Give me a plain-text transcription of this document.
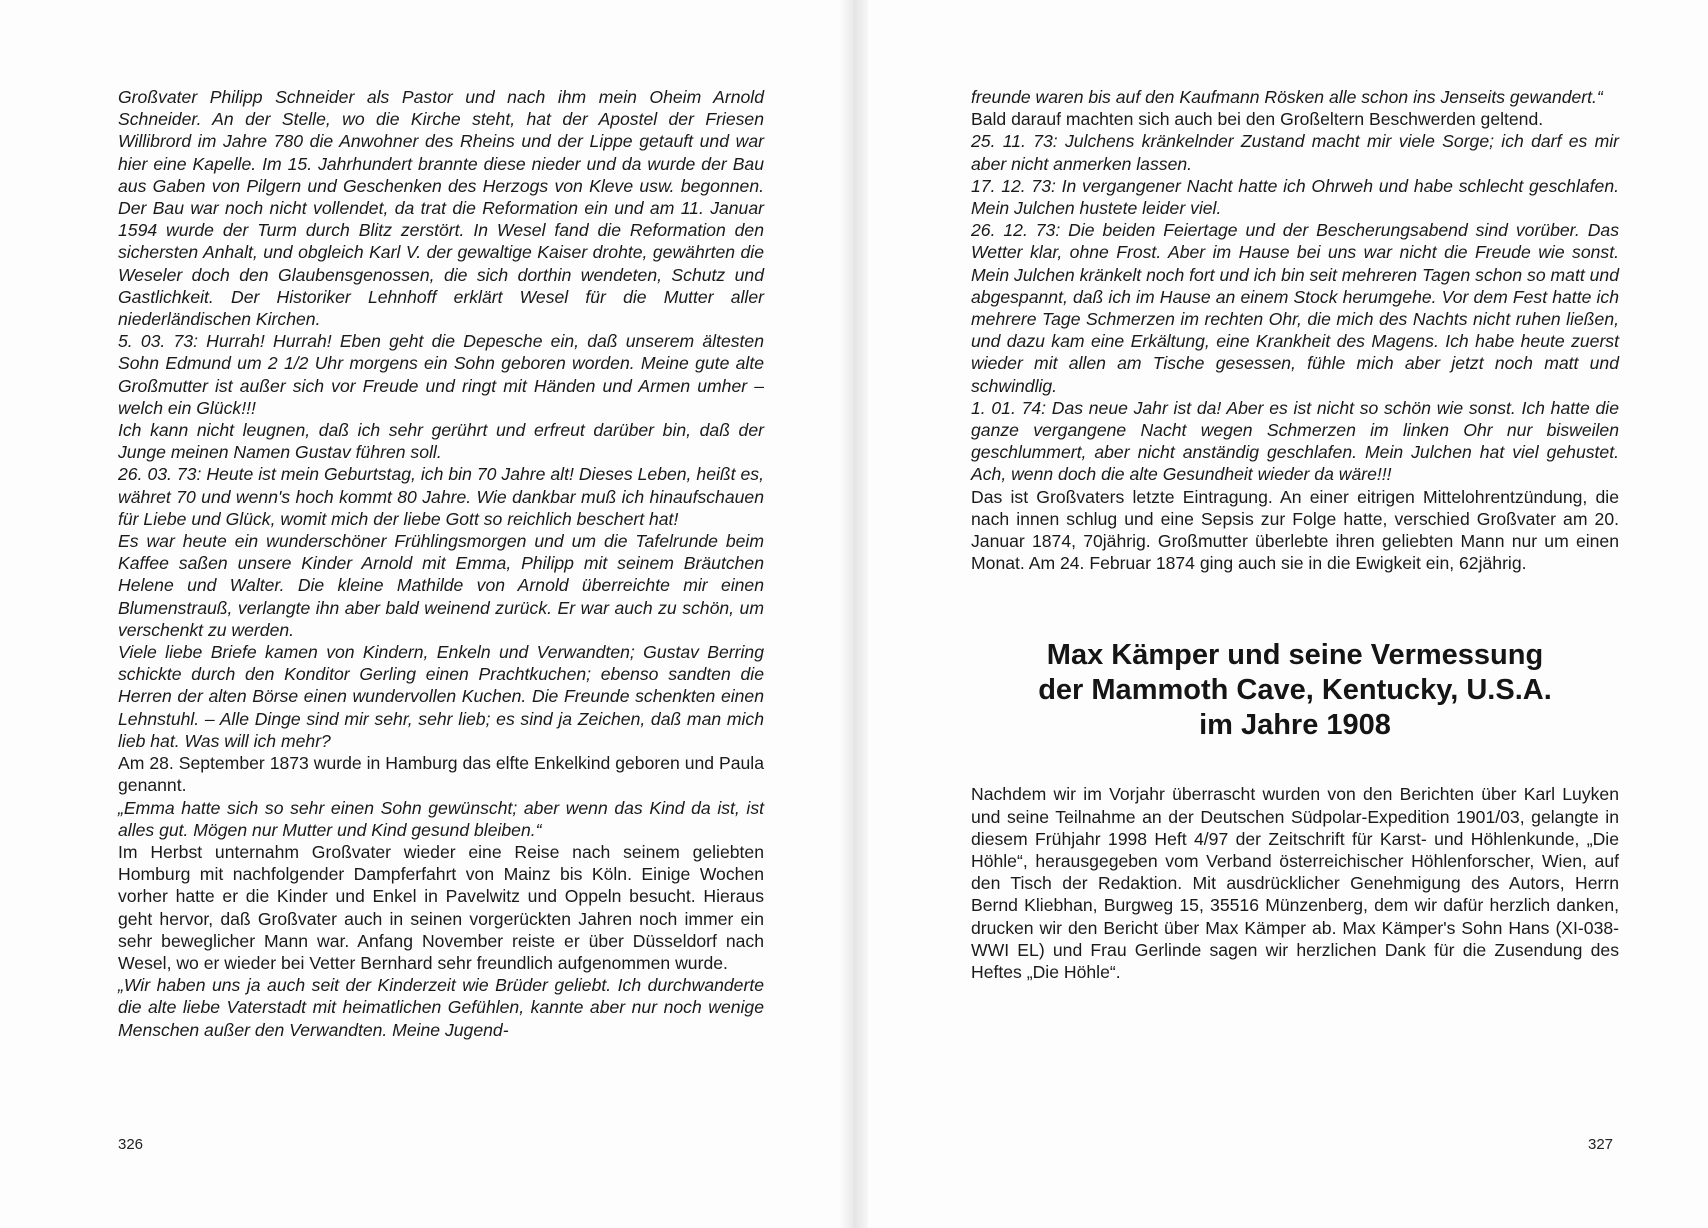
Großvater Philipp Schneider als Pastor und nach ihm mein Oheim Arnold Schneider. An der Stelle, wo die Kirche steht, hat der Apostel der Friesen Willibrord im Jahre 780 die Anwohner des Rheins und der Lippe getauft und war hier eine Kapelle. Im 15. Jahrhundert brannte diese nieder und da wurde der Bau aus Gaben von Pilgern und Geschenken des Herzogs von Kleve usw. begonnen. Der Bau war noch nicht vollendet, da trat die Reformation ein und am 11. Januar 1594 wurde der Turm durch Blitz zerstört. In Wesel fand die Reformation den sichersten Anhalt, und obgleich Karl V. der gewaltige Kaiser drohte, gewährten die Weseler doch den Glaubensgenossen, die sich dorthin wendeten, Schutz und Gastlichkeit. Der Historiker Lehnhoff erklärt Wesel für die Mutter aller niederländischen Kirchen.

5. 03. 73: Hurrah! Hurrah! Eben geht die Depesche ein, daß unserem ältesten Sohn Edmund um 2 1/2 Uhr morgens ein Sohn geboren worden. Meine gute alte Großmutter ist außer sich vor Freude und ringt mit Händen und Armen umher – welch ein Glück!!!

Ich kann nicht leugnen, daß ich sehr gerührt und erfreut darüber bin, daß der Junge meinen Namen Gustav führen soll.

26. 03. 73: Heute ist mein Geburtstag, ich bin 70 Jahre alt! Dieses Leben, heißt es, währet 70 und wenn's hoch kommt 80 Jahre. Wie dankbar muß ich hinaufschauen für Liebe und Glück, womit mich der liebe Gott so reichlich beschert hat!

Es war heute ein wunderschöner Frühlingsmorgen und um die Tafelrunde beim Kaffee saßen unsere Kinder Arnold mit Emma, Philipp mit seinem Bräutchen Helene und Walter. Die kleine Mathilde von Arnold überreichte mir einen Blumenstrauß, verlangte ihn aber bald weinend zurück. Er war auch zu schön, um verschenkt zu werden.

Viele liebe Briefe kamen von Kindern, Enkeln und Verwandten; Gustav Berring schickte durch den Konditor Gerling einen Prachtkuchen; ebenso sandten die Herren der alten Börse einen wundervollen Kuchen. Die Freunde schenkten einen Lehnstuhl. – Alle Dinge sind mir sehr, sehr lieb; es sind ja Zeichen, daß man mich lieb hat. Was will ich mehr?

Am 28. September 1873 wurde in Hamburg das elfte Enkelkind geboren und Paula genannt.

„Emma hatte sich so sehr einen Sohn gewünscht; aber wenn das Kind da ist, ist alles gut. Mögen nur Mutter und Kind gesund bleiben.“

Im Herbst unternahm Großvater wieder eine Reise nach seinem geliebten Homburg mit nachfolgender Dampferfahrt von Mainz bis Köln. Einige Wochen vorher hatte er die Kinder und Enkel in Pavelwitz und Oppeln besucht. Hieraus geht hervor, daß Großvater auch in seinen vorgerückten Jahren noch immer ein sehr beweglicher Mann war. Anfang November reiste er über Düsseldorf nach Wesel, wo er wieder bei Vetter Bernhard sehr freundlich aufgenommen wurde.

„Wir haben uns ja auch seit der Kinderzeit wie Brüder geliebt. Ich durchwanderte die alte liebe Vaterstadt mit heimatlichen Gefühlen, kannte aber nur noch wenige Menschen außer den Verwandten. Meine Jugend-

326

freunde waren bis auf den Kaufmann Rösken alle schon ins Jenseits gewandert.“

Bald darauf machten sich auch bei den Großeltern Beschwerden geltend.

25. 11. 73: Julchens kränkelnder Zustand macht mir viele Sorge; ich darf es mir aber nicht anmerken lassen.

17. 12. 73: In vergangener Nacht hatte ich Ohrweh und habe schlecht geschlafen. Mein Julchen hustete leider viel.

26. 12. 73: Die beiden Feiertage und der Bescherungsabend sind vorüber. Das Wetter klar, ohne Frost. Aber im Hause bei uns war nicht die Freude wie sonst. Mein Julchen kränkelt noch fort und ich bin seit mehreren Tagen schon so matt und abgespannt, daß ich im Hause an einem Stock herumgehe. Vor dem Fest hatte ich mehrere Tage Schmerzen im rechten Ohr, die mich des Nachts nicht ruhen ließen, und dazu kam eine Erkältung, eine Krankheit des Magens. Ich habe heute zuerst wieder mit allen am Tische gesessen, fühle mich aber jetzt noch matt und schwindlig.

1. 01. 74: Das neue Jahr ist da! Aber es ist nicht so schön wie sonst. Ich hatte die ganze vergangene Nacht wegen Schmerzen im linken Ohr nur bisweilen geschlummert, aber nicht anständig geschlafen. Mein Julchen hat viel gehustet. Ach, wenn doch die alte Gesundheit wieder da wäre!!!

Das ist Großvaters letzte Eintragung. An einer eitrigen Mittelohrentzündung, die nach innen schlug und eine Sepsis zur Folge hatte, verschied Großvater am 20. Januar 1874, 70jährig. Großmutter überlebte ihren geliebten Mann nur um einen Monat. Am 24. Februar 1874 ging auch sie in die Ewigkeit ein, 62jährig.

Max Kämper und seine Vermessung
der Mammoth Cave, Kentucky, U.S.A.
im Jahre 1908

Nachdem wir im Vorjahr überrascht wurden von den Berichten über Karl Luyken und seine Teilnahme an der Deutschen Südpolar-Expedition 1901/03, gelangte in diesem Frühjahr 1998 Heft 4/97 der Zeitschrift für Karst- und Höhlenkunde, „Die Höhle“, herausgegeben vom Verband österreichischer Höhlenforscher, Wien, auf den Tisch der Redaktion. Mit ausdrücklicher Genehmigung des Autors, Herrn Bernd Kliebhan, Burgweg 15, 35516 Münzenberg, dem wir dafür herzlich danken, drucken wir den Bericht über Max Kämper ab. Max Kämper's Sohn Hans (XI-038-WWI EL) und Frau Gerlinde sagen wir herzlichen Dank für die Zusendung des Heftes „Die Höhle“.

327
